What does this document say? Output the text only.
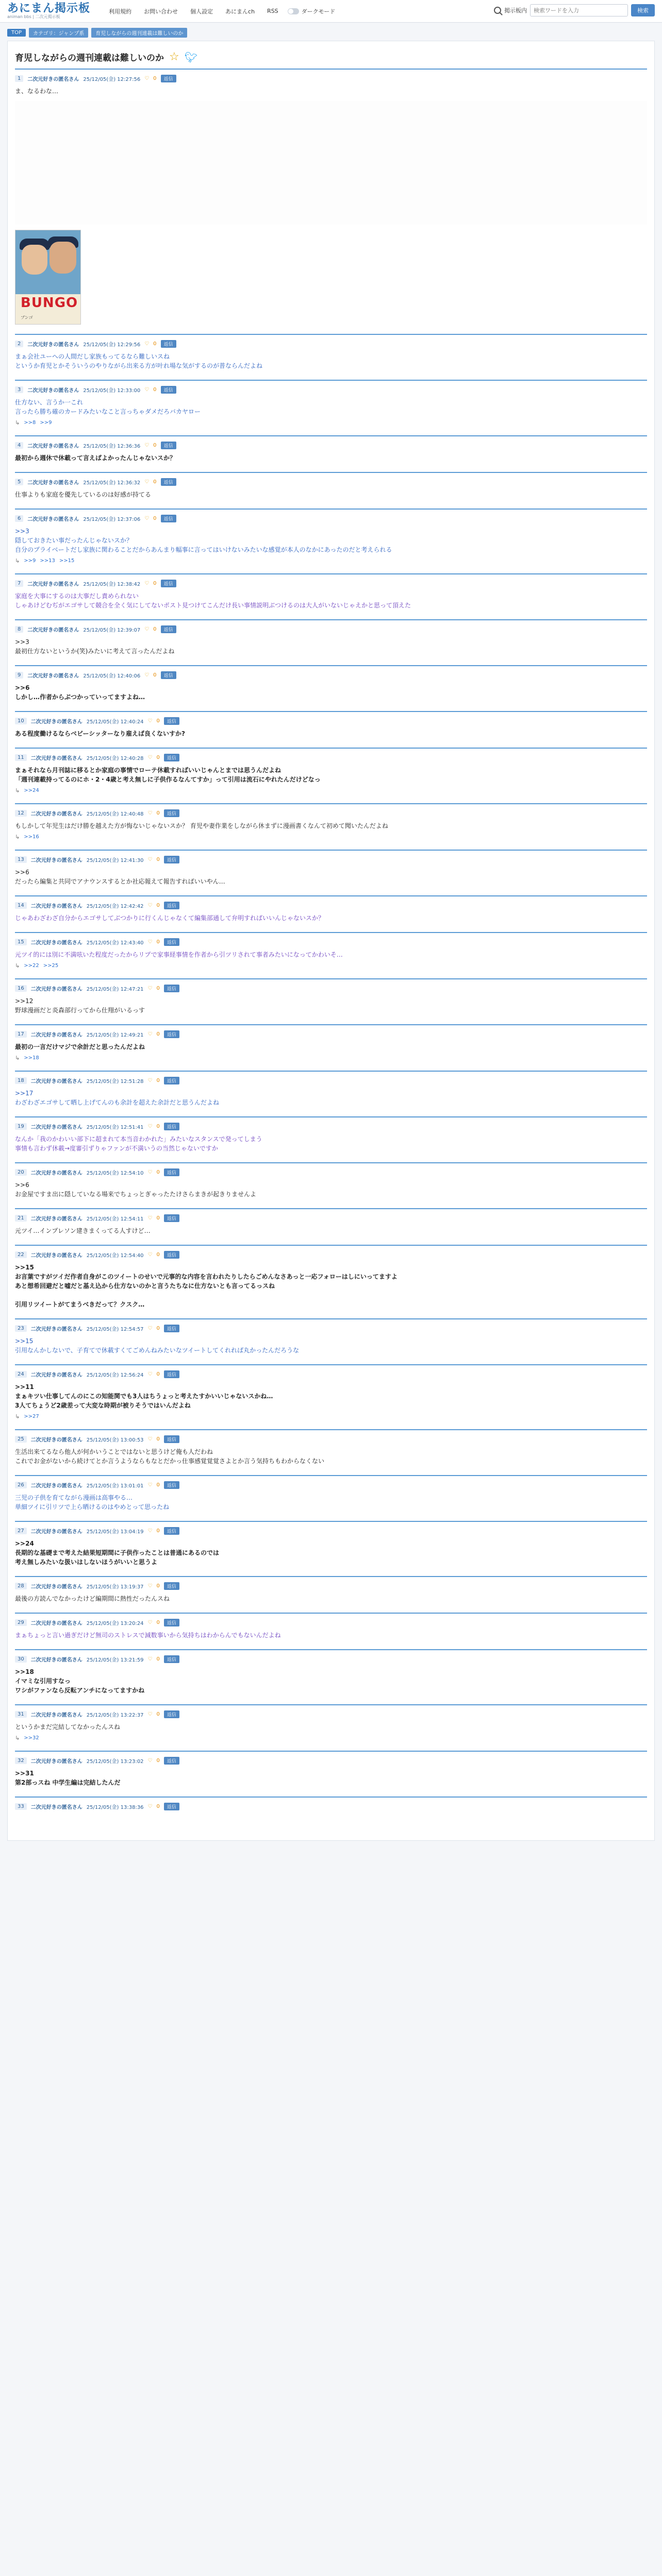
あにまん掲示板
animan bbs | 二次元掲示板
利用規約	お問い合わせ	個人設定	あにまんch	RSS	ダークモード	掲示板内
検索ワードを入力	検索
TOP	カテゴリ：ジャンプ系	育児しながらの週刊連載は難しいのか
育児しながらの週刊連載は難しいのか ☆ 🐦︎
1	二次元好きの匿名さん 25/12/05(金) 12:27:56 ♡ 0	返信
ま、なるわな…
BUNGO
ブンゴ
2	二次元好きの匿名さん 25/12/05(金) 12:29:56 ♡ 0	返信
まぁ会社ユーへの人間だし家族もってるなら難しいスね
というか育児とかそういうのやりながら出来る方が叶れ場な気がするのが普ならんだよね
3	二次元好きの匿名さん 25/12/05(金) 12:33:00 ♡ 0	返信
仕方ない、言うか一これ
言ったら勝ち確のカードみたいなこと言っちゃダメだろバカヤロー
↳ >>8 >>9
4	二次元好きの匿名さん 25/12/05(金) 12:36:36 ♡ 0	返信
最初から週休で休載って言えばよかったんじゃないスか？
5	二次元好きの匿名さん 25/12/05(金) 12:36:32 ♡ 0	返信
仕事よりも家庭を優先しているのは好感が持てる
6	二次元好きの匿名さん 25/12/05(金) 12:37:06 ♡ 0	返信
>>3
隠しておきたい事だったんじゃないスか？
自分のプライベートだし家族に関わることだからあんまり幅事に言ってはいけないみたいな感覚が本人のなかにあったのだと考えられる
↳ >>9 >>13 >>15
7	二次元好きの匿名さん 25/12/05(金) 12:38:42 ♡ 0	返信
家庭を大事にするのは大事だし責められない
しゃあけどむぢがエゴサして競合を全く気にしてないポスト見つけてこんだけ長い事情説明ぶつけるのは大人がいないじゃえかと思って頂えた
8	二次元好きの匿名さん 25/12/05(金) 12:39:07 ♡ 0	返信
>>3
最初仕方ないというか(笑)みたいに考えて言ったんだよね
9	二次元好きの匿名さん 25/12/05(金) 12:40:06 ♡ 0	返信
>>6
しかし…作者からぶつかっていってますよね…
10	二次元好きの匿名さん 25/12/05(金) 12:40:24 ♡ 0	返信
ある程度働けるならベビーシッターなり雇えば良くないすか?
11	二次元好きの匿名さん 25/12/05(金) 12:40:28 ♡ 0	返信
まぁそれなら月刊誌に移るとか家庭の事情でローテ休載すればいいじゃんとまでは思うんだよね
「週刊連載持ってるのにホ・2・4歳と考え無しに子供作るなんてすか」って引用は流石にやれたんだけどなっ
↳ >>24
12	二次元好きの匿名さん 25/12/05(金) 12:40:48 ♡ 0	返信
もしかして年児生はだけ勝を越えた方が悔ないじゃないスか？ 育児や妻作業をしながら休まずに漫画書くなんて初めて聞いたんだよね
↳ >>16
13	二次元好きの匿名さん 25/12/05(金) 12:41:30 ♡ 0	返信
>>6
だったら編集と共同でアナウンスするとか社応報えて報告すればいいやん…
14	二次元好きの匿名さん 25/12/05(金) 12:42:42 ♡ 0	返信
じゃあわざわざ自分からエゴサしてぶつかりに行くんじゃなくて編集部通して弁明すればいいんじゃないスか？
15	二次元好きの匿名さん 25/12/05(金) 12:43:40 ♡ 0	返信
元ツイ的には別に不満呟いた程度だったからリプで家事経事情を作者から引ツリされて事者みたいになってかわいそ…
↳ >>22 >>25
16	二次元好きの匿名さん 25/12/05(金) 12:47:21 ♡ 0	返信
>>12
野球漫画だと炎森部行ってから仕翔がいるっす
17	二次元好きの匿名さん 25/12/05(金) 12:49:21 ♡ 0	返信
最初の一言だけマジで余計だと思ったんだよね
↳ >>18
18	二次元好きの匿名さん 25/12/05(金) 12:51:28 ♡ 0	返信
>>17
わざわざエゴサして晒し上げてんのも余計を超えた余計だと思うんだよね
19	二次元好きの匿名さん 25/12/05(金) 12:51:41 ♡ 0	返信
なんか「我のかわいい部下に超まれて本当音わかれた」みたいなスタンスで発ってしまう
事情も言わず休載→度審引ずりゃファンが不満いうの当然じゃないですか
20	二次元好きの匿名さん 25/12/05(金) 12:54:10 ♡ 0	返信
>>6
お金屋ですま出に隠していなる場来でちょっとぎゃったたけさらまきが起きりませんよ
21	二次元好きの匿名さん 25/12/05(金) 12:54:11 ♡ 0	返信
元ツイ…インプレソン建きまくってる人すけど…
22	二次元好きの匿名さん 25/12/05(金) 12:54:40 ♡ 0	返信
>>15
お言葉ですがツイだ作者自身がこのツイートのせいで元事的な内容を言われたりしたらごめんなさあっと一応フォローはしにいってますよ
あと想希回避だと嘘だと基え込から仕方ないのかと言うたちなに仕方ないとも言ってるっスね

引用リツイートがてまうべきだって？クスク…
23	二次元好きの匿名さん 25/12/05(金) 12:54:57 ♡ 0	返信
>>15
引用なんかしないで、子育てで休載すくてごめんねみたいなツイートしてくれれば丸かったんだろうな
24	二次元好きの匿名さん 25/12/05(金) 12:56:24 ♡ 0	返信
>>11
まぁキツい仕事してんのにこの知能関でも3人はちうょっと考えたすかいいじゃないスかね…
3人てちょうど2歳差って大変な時期が被りそうではいんだよね
↳ >>27
25	二次元好きの匿名さん 25/12/05(金) 13:00:53 ♡ 0	返信
生活出来てるなら他人が何かいうことではないと思うけど俺も人だわね
これでお金がないから続けてとか言うようならもなとだかっ仕事感覚覚覚さよとか言う気持ちもわからなくない
26	二次元好きの匿名さん 25/12/05(金) 13:01:01 ♡ 0	返信
三児の子供を育てながら漫画は高事やる…
単細ツイに引リツで上ら晒けるのはやめとって思ったね
27	二次元好きの匿名さん 25/12/05(金) 13:04:19 ♡ 0	返信
>>24
長期的な基礎まで考えた結果短期間に子供作ったことは普通にあるのでは
考え無しみたいな扱いはしないほうがいいと思うよ
28	二次元好きの匿名さん 25/12/05(金) 13:19:37 ♡ 0	返信
最後の方読んでなかったけど編期間に熱性だったんスね
29	二次元好きの匿名さん 25/12/05(金) 13:20:24 ♡ 0	返信
まぁちょっと言い過ぎだけど無司のストレスで減数事いから気持ちはわからんでもないんだよね
30	二次元好きの匿名さん 25/12/05(金) 13:21:59 ♡ 0	返信
>>18
イマミな引用すなっ
ワシがファンなら反転アンチになってますかね
31	二次元好きの匿名さん 25/12/05(金) 13:22:37 ♡ 0	返信
というかまだ完結してなかったんスね
↳ >>32
32	二次元好きの匿名さん 25/12/05(金) 13:23:02 ♡ 0	返信
>>31
第2部っスね 中学生編は完結したんだ
33	二次元好きの匿名さん 25/12/05(金) 13:38:36 ♡ 0	返信
